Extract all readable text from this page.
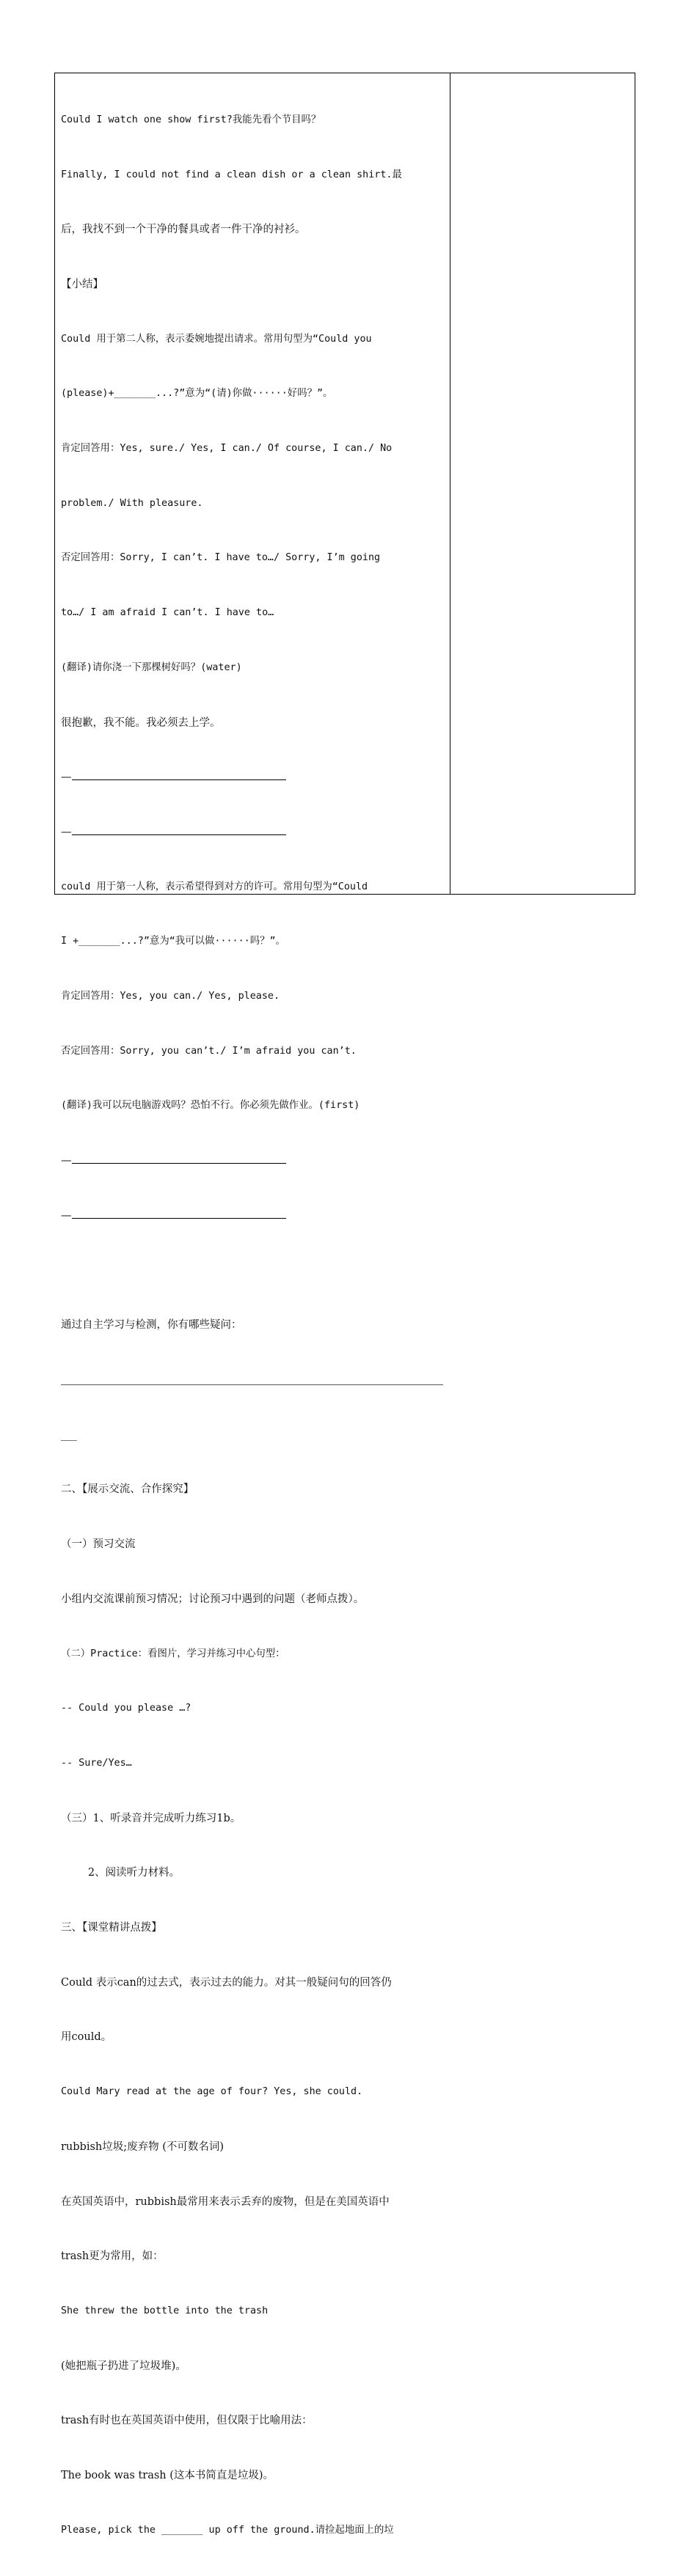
Could I watch one show first?我能先看个节目吗？

Finally, I could not find a clean dish or a clean shirt.最

后，我找不到一个干净的餐具或者一件干净的衬衫。

【小结】

Could 用于第二人称，表示委婉地提出请求。常用句型为“Could you

(please)+_______...?”意为“(请)你做······好吗？”。

肯定回答用：Yes, sure./ Yes, I can./ Of course, I can./ No

problem./ With pleasure.

否定回答用：Sorry, I can’t. I have to…/ Sorry, I’m going

to…/ I am afraid I can’t. I have to…

(翻译)请你浇一下那棵树好吗？(water)

很抱歉，我不能。我必须去上学。

—

—

could 用于第一人称，表示希望得到对方的许可。常用句型为“Could

I +_______...?”意为“我可以做······吗？”。

肯定回答用：Yes, you can./ Yes, please.

否定回答用：Sorry, you can’t./ I’m afraid you can’t.

(翻译)我可以玩电脑游戏吗？恐怕不行。你必须先做作业。(first)

—

—

通过自主学习与检测，你有哪些疑问：

___

二、【展示交流、合作探究】

（一）预习交流

小组内交流课前预习情况；讨论预习中遇到的问题（老师点拨）。

（二）Practice：看图片，学习并练习中心句型：

-- Could you please …?

-- Sure/Yes…

（三）1、听录音并完成听力练习1b。

2、阅读听力材料。

三、【课堂精讲点拨】

Could 表示can的过去式，表示过去的能力。对其一般疑问句的回答仍

用could。

Could Mary read at the age of four? Yes, she could.

rubbish垃圾;废弃物 (不可数名词)

在英国英语中，rubbish最常用来表示丢弃的废物，但是在美国英语中

trash更为常用，如：

She threw the bottle into the trash

(她把瓶子扔进了垃圾堆)。

trash有时也在英国英语中使用，但仅限于比喻用法：

The book was trash (这本书简直是垃圾)。

Please, pick the _______ up off the ground.请捡起地面上的垃
